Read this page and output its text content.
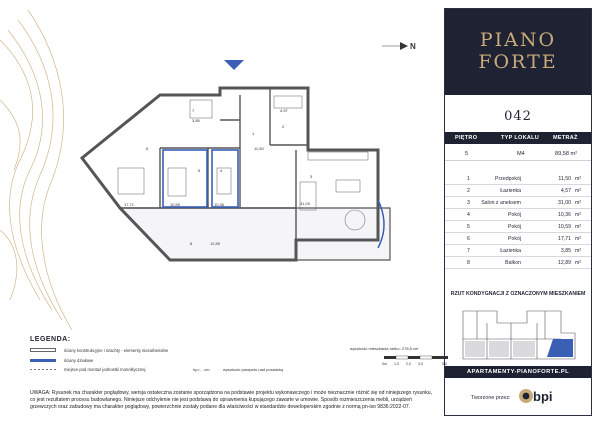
1
2
3
4
5
6
7
8
17,71	10,59	10,36
11,50
4,57
31,00
3,85
12,89
N
LEGENDA:
ściany konstrukcyjne i szachty - elementy niezarbeiralne
ściany działowe
miejsce pod montaż jednostki monolitycznej	hp=... cm	wysokość parapetu nad posadzką
wysokość mieszkania netto= 278,5 cm
0m 1,0 2,0 3,0	5,0
UWAGA: Rysunek ma charakter poglądowy, wersja ostateczna zostanie sporządzona na podstawie projektu wykonawczego i może nieznacznie różnić się od niniejszego rysunku, co jest rezultatem procesu budowlanego. Niniejsze odchylenie nie jest podstawą do uprawnienia kupującego zawarte w umowie. Sposób rozmieszczenia mebli, urządzeń grzewczych oraz zabudowy ma charakter poglądowy, powierzchnie zostały podane dla właściwości w standardzie deweloperskim zgodnie z normą pn-iso 9836:2022-07.
PIANO
FORTE
042
PIĘTRO	TYP LOKALU	METRAŻ
5	M4	89,58 m²
1	Przedpokój	11,50 m²
2	Łazienka	4,57 m²
3 Salon z aneksem	31,00 m²
4	Pokój	10,36 m²
5	Pokój	10,59 m²
6	Pokój	17,71 m²
7	Łazienka	3,85 m²
8	Balkon	12,89 m²
RZUT KONDYGNACJI Z OZNACZONYM MIESZKANIEM
APARTAMENTY-PIANOFORTE.PL
Tworzone przez: bpi
